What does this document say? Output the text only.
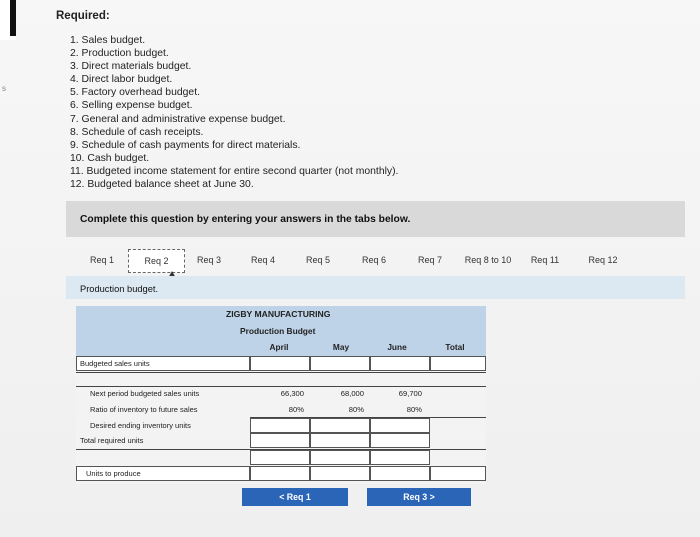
s
Required:
1. Sales budget.
2. Production budget.
3. Direct materials budget.
4. Direct labor budget.
5. Factory overhead budget.
6. Selling expense budget.
7. General and administrative expense budget.
8. Schedule of cash receipts.
9. Schedule of cash payments for direct materials.
10. Cash budget.
11. Budgeted income statement for entire second quarter (not monthly).
12. Budgeted balance sheet at June 30.
Complete this question by entering your answers in the tabs below.
Req 1	Req 2	Req 3	Req 4	Req 5	Req 6	Req 7	Req 8 to 10	Req 11	Req 12
Production budget.
ZIGBY MANUFACTURING
Production Budget
April	May	June	Total
Budgeted sales units
Next period budgeted sales units	66,300	68,000	69,700
Ratio of inventory to future sales	80%	80%	80%
Desired ending inventory units
Total required units
Units to produce
< Req 1	Req 3 >
